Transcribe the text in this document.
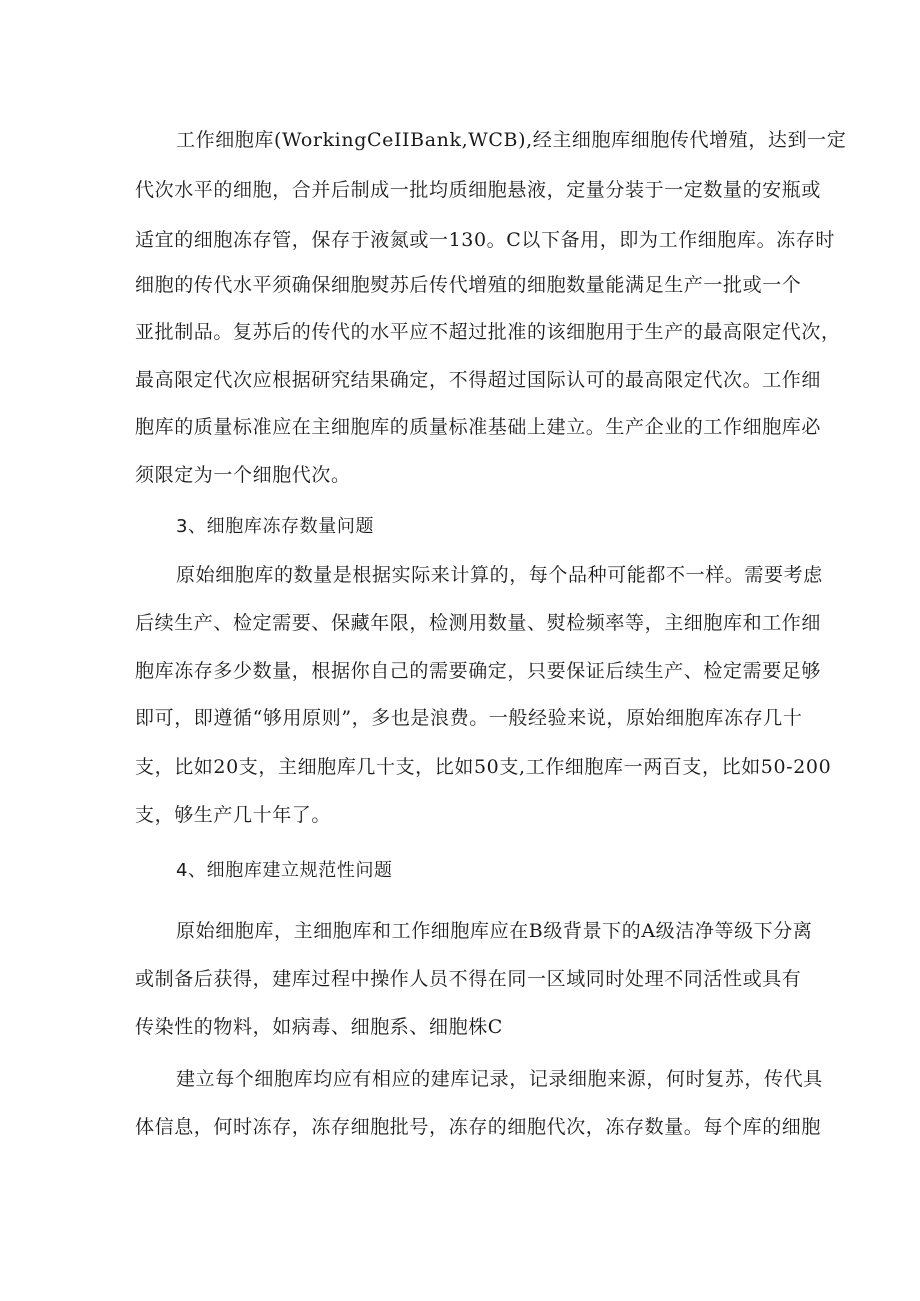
工作细胞库(WorkingCeIIBank,WCB),经主细胞库细胞传代增殖，达到一定
代次水平的细胞，合并后制成一批均质细胞悬液，定量分装于一定数量的安瓶或
适宜的细胞冻存管，保存于液氮或一130。C以下备用，即为工作细胞库。冻存时
细胞的传代水平须确保细胞熨苏后传代增殖的细胞数量能满足生产一批或一个
亚批制品。复苏后的传代的水平应不超过批准的该细胞用于生产的最高限定代次，
最高限定代次应根据研究结果确定，不得超过国际认可的最高限定代次。工作细
胞库的质量标准应在主细胞库的质量标准基础上建立。生产企业的工作细胞库必
须限定为一个细胞代次。
3、细胞库冻存数量问题
原始细胞库的数量是根据实际来计算的，每个品种可能都不一样。需要考虑
后续生产、检定需要、保藏年限，检测用数量、熨检频率等，主细胞库和工作细
胞库冻存多少数量，根据你自己的需要确定，只要保证后续生产、检定需要足够
即可，即遵循“够用原则”，多也是浪费。一般经验来说，原始细胞库冻存几十
支，比如20支，主细胞库几十支，比如50支,工作细胞库一两百支，比如50-200
支，够生产几十年了。
4、细胞库建立规范性问题
原始细胞库，主细胞库和工作细胞库应在B级背景下的A级洁净等级下分离
或制备后获得，建库过程中操作人员不得在同一区域同时处理不同活性或具有
传染性的物料，如病毒、细胞系、细胞株C
建立每个细胞库均应有相应的建库记录，记录细胞来源，何时复苏，传代具
体信息，何时冻存，冻存细胞批号，冻存的细胞代次，冻存数量。每个库的细胞
